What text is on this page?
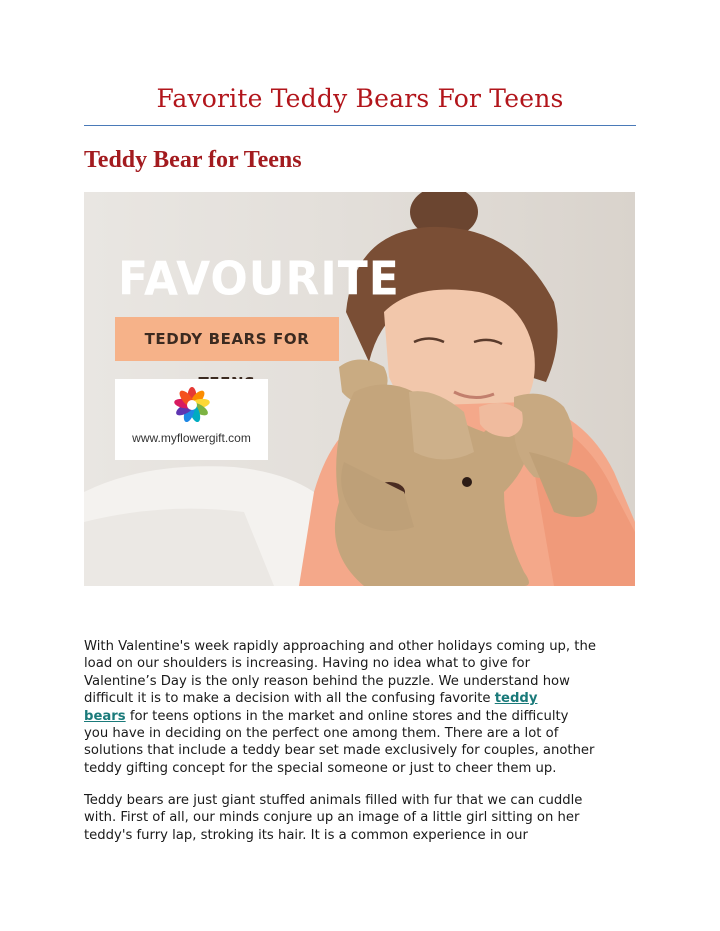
Favorite Teddy Bears For Teens
Teddy Bear for Teens
FAVOURITE
TEDDY BEARS FOR
www.myflowergift.com
With Valentine's week rapidly approaching and other holidays coming up, the
load on our shoulders is increasing. Having no idea what to give for
Valentine’s Day is the only reason behind the puzzle. We understand how
difficult it is to make a decision with all the confusing favorite teddy
bears for teens options in the market and online stores and the difficulty
you have in deciding on the perfect one among them. There are a lot of
solutions that include a teddy bear set made exclusively for couples, another
teddy gifting concept for the special someone or just to cheer them up.
Teddy bears are just giant stuffed animals filled with fur that we can cuddle
with. First of all, our minds conjure up an image of a little girl sitting on her
teddy's furry lap, stroking its hair. It is a common experience in our
